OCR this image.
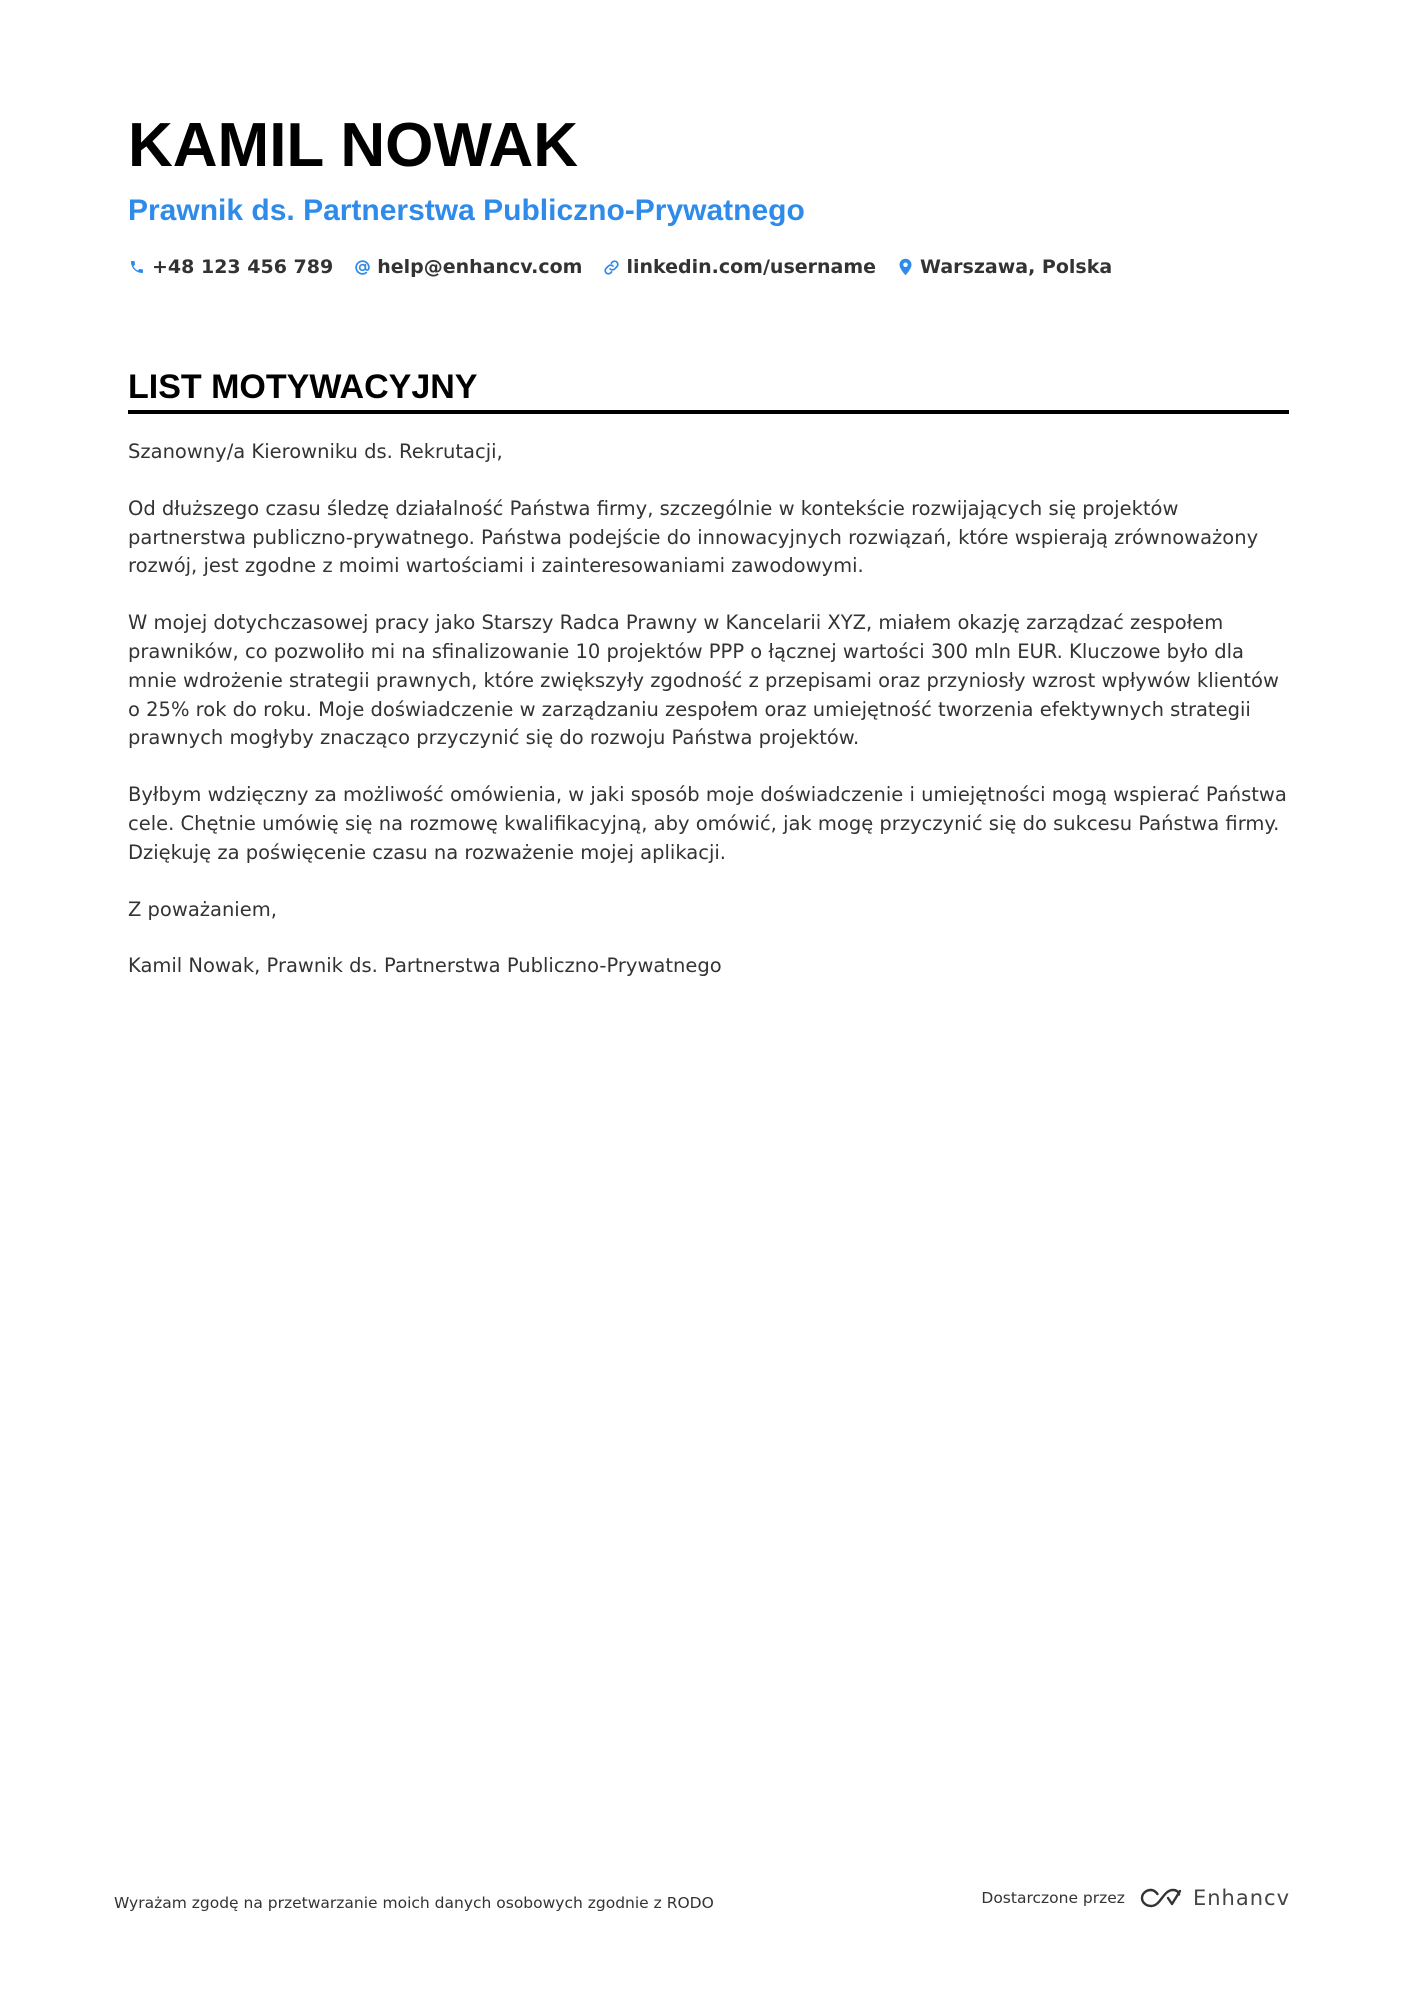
KAMIL NOWAK
Prawnik ds. Partnerstwa Publiczno-Prywatnego
+48 123 456 789 help@enhancv.com linkedin.com/username Warszawa, Polska
LIST MOTYWACYJNY

Szanowny/a Kierowniku ds. Rekrutacji,

Od dłuższego czasu śledzę działalność Państwa firmy, szczególnie w kontekście rozwijających się projektów partnerstwa publiczno-prywatnego. Państwa podejście do innowacyjnych rozwiązań, które wspierają zrównoważony rozwój, jest zgodne z moimi wartościami i zainteresowaniami zawodowymi.

W mojej dotychczasowej pracy jako Starszy Radca Prawny w Kancelarii XYZ, miałem okazję zarządzać zespołem prawników, co pozwoliło mi na sfinalizowanie 10 projektów PPP o łącznej wartości 300 mln EUR. Kluczowe było dla mnie wdrożenie strategii prawnych, które zwiększyły zgodność z przepisami oraz przyniosły wzrost wpływów klientów o 25% rok do roku. Moje doświadczenie w zarządzaniu zespołem oraz umiejętność tworzenia efektywnych strategii prawnych mogłyby znacząco przyczynić się do rozwoju Państwa projektów.

Byłbym wdzięczny za możliwość omówienia, w jaki sposób moje doświadczenie i umiejętności mogą wspierać Państwa cele. Chętnie umówię się na rozmowę kwalifikacyjną, aby omówić, jak mogę przyczynić się do sukcesu Państwa firmy. Dziękuję za poświęcenie czasu na rozważenie mojej aplikacji.

Z poważaniem,

Kamil Nowak, Prawnik ds. Partnerstwa Publiczno-Prywatnego

Wyrażam zgodę na przetwarzanie moich danych osobowych zgodnie z RODO	Dostarczone przez	Enhancv
